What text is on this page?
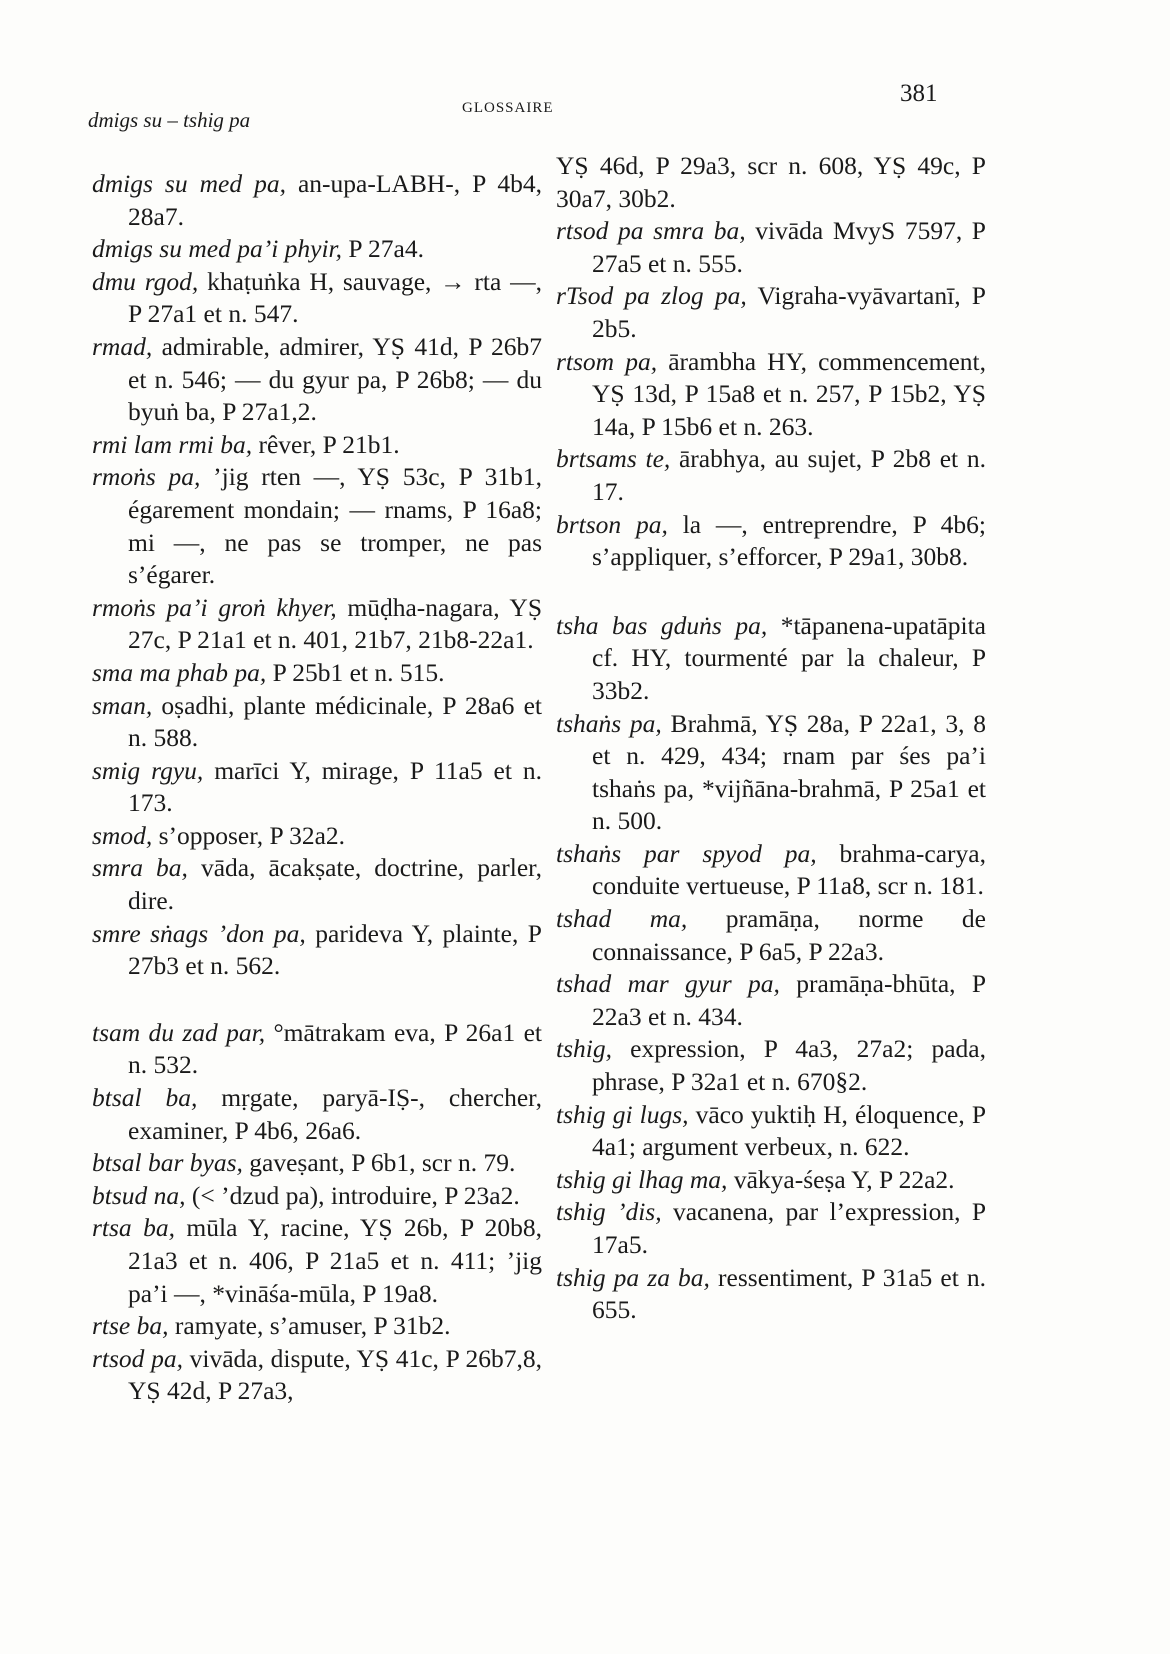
dmigs su – tshig pa	GLOSSAIRE
381
dmigs su med pa, an-upa-LABH-, P 4b4, 28a7.
dmigs su med pa’i phyir, P 27a4.
dmu rgod, khaṭuṅka H, sauvage, → rta —, P 27a1 et n. 547.
rmad, admirable, admirer, YṢ 41d, P 26b7 et n. 546; — du gyur pa, P 26b8; — du byuṅ ba, P 27a1,2.
rmi lam rmi ba, rêver, P 21b1.
rmoṅs pa, ’jig rten —, YṢ 53c, P 31b1, égarement mondain; — rnams, P 16a8; mi —, ne pas se tromper, ne pas s’égarer.
rmoṅs pa’i groṅ khyer, mūḍha-nagara, YṢ 27c, P 21a1 et n. 401, 21b7, 21b8-22a1.
sma ma phab pa, P 25b1 et n. 515.
sman, oṣadhi, plante médicinale, P 28a6 et n. 588.
smig rgyu, marīci Y, mirage, P 11a5 et n. 173.
smod, s’opposer, P 32a2.
smra ba, vāda, ācakṣate, doctrine, parler, dire.
smre sṅags ’don pa, parideva Y, plainte, P 27b3 et n. 562.
tsam du zad par, °mātrakam eva, P 26a1 et n. 532.
btsal ba, mṛgate, paryā-IṢ-, chercher, examiner, P 4b6, 26a6.
btsal bar byas, gaveṣant, P 6b1, scr n. 79.
btsud na, (< ’dzud pa), introduire, P 23a2.
rtsa ba, mūla Y, racine, YṢ 26b, P 20b8, 21a3 et n. 406, P 21a5 et n. 411; ’jig pa’i —, *vināśa-mūla, P 19a8.
rtse ba, ramyate, s’amuser, P 31b2.
rtsod pa, vivāda, dispute, YṢ 41c, P 26b7,8, YṢ 42d, P 27a3,
YṢ 46d, P 29a3, scr n. 608, YṢ 49c, P 30a7, 30b2.
rtsod pa smra ba, vivāda MvyS 7597, P 27a5 et n. 555.
rTsod pa zlog pa, Vigraha-vyāvartanī, P 2b5.
rtsom pa, ārambha HY, commencement, YṢ 13d, P 15a8 et n. 257, P 15b2, YṢ 14a, P 15b6 et n. 263.
brtsams te, ārabhya, au sujet, P 2b8 et n. 17.
brtson pa, la —, entreprendre, P 4b6; s’appliquer, s’efforcer, P 29a1, 30b8.
tsha bas gduṅs pa, *tāpanena-upatāpita cf. HY, tourmenté par la chaleur, P 33b2.
tshaṅs pa, Brahmā, YṢ 28a, P 22a1, 3, 8 et n. 429, 434; rnam par śes pa’i tshaṅs pa, *vijñāna-brahmā, P 25a1 et n. 500.
tshaṅs par spyod pa, brahma-carya, conduite vertueuse, P 11a8, scr n. 181.
tshad ma, pramāṇa, norme de connaissance, P 6a5, P 22a3.
tshad mar gyur pa, pramāṇa-bhūta, P 22a3 et n. 434.
tshig, expression, P 4a3, 27a2; pada, phrase, P 32a1 et n. 670§2.
tshig gi lugs, vāco yuktiḥ H, éloquence, P 4a1; argument verbeux, n. 622.
tshig gi lhag ma, vākya-śeṣa Y, P 22a2.
tshig ’dis, vacanena, par l’expression, P 17a5.
tshig pa za ba, ressentiment, P 31a5 et n. 655.
